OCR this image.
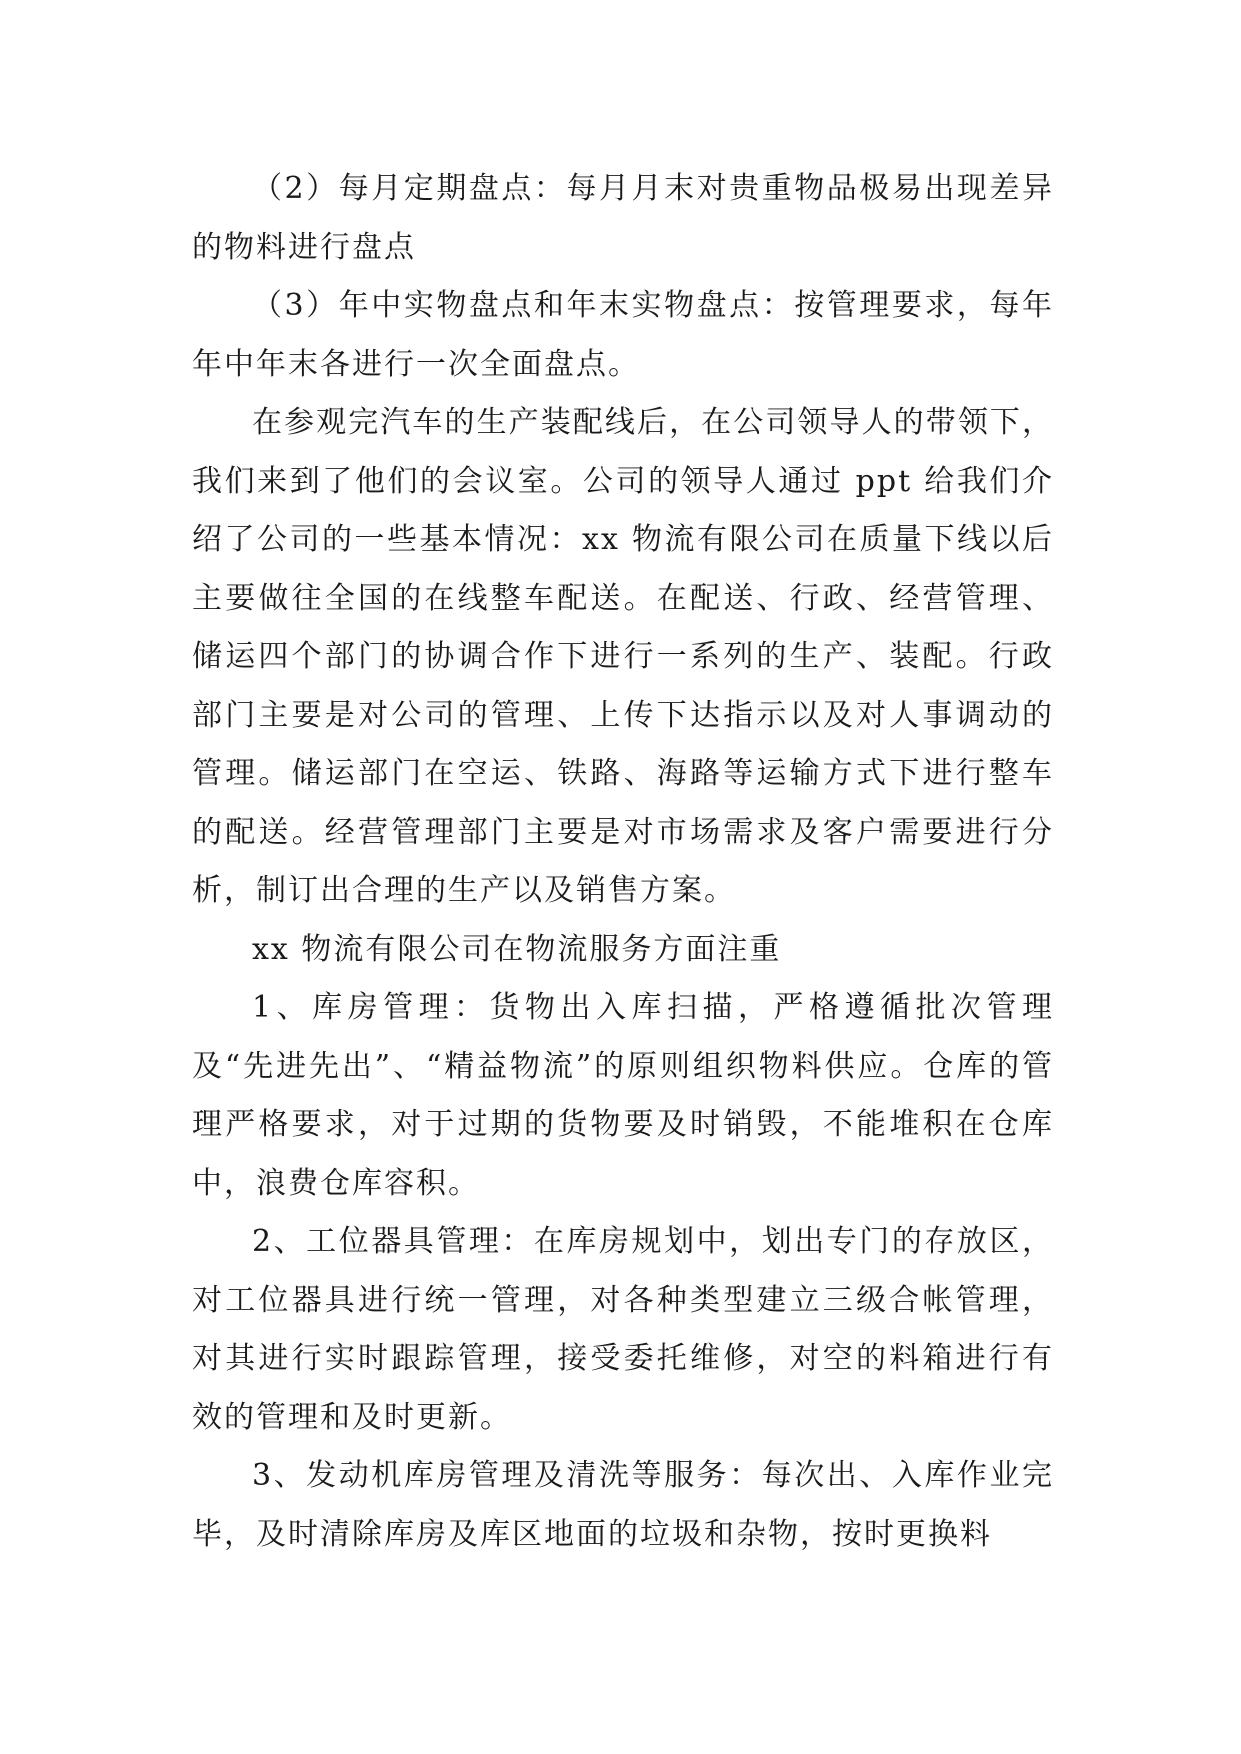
（2）每月定期盘点：每月月末对贵重物品极易出现差异的物料进行盘点

（3）年中实物盘点和年末实物盘点：按管理要求，每年年中年末各进行一次全面盘点。

在参观完汽车的生产装配线后，在公司领导人的带领下，我们来到了他们的会议室。公司的领导人通过 ppt 给我们介绍了公司的一些基本情况：xx 物流有限公司在质量下线以后主要做往全国的在线整车配送。在配送、行政、经营管理、储运四个部门的协调合作下进行一系列的生产、装配。行政部门主要是对公司的管理、上传下达指示以及对人事调动的管理。储运部门在空运、铁路、海路等运输方式下进行整车的配送。经营管理部门主要是对市场需求及客户需要进行分析，制订出合理的生产以及销售方案。

xx 物流有限公司在物流服务方面注重

1、库房管理：货物出入库扫描，严格遵循批次管理及“先进先出”、“精益物流”的原则组织物料供应。仓库的管理严格要求，对于过期的货物要及时销毁，不能堆积在仓库中，浪费仓库容积。

2、工位器具管理：在库房规划中，划出专门的存放区，对工位器具进行统一管理，对各种类型建立三级合帐管理，对其进行实时跟踪管理，接受委托维修，对空的料箱进行有效的管理和及时更新。

3、发动机库房管理及清洗等服务：每次出、入库作业完毕，及时清除库房及库区地面的垃圾和杂物，按时更换料
